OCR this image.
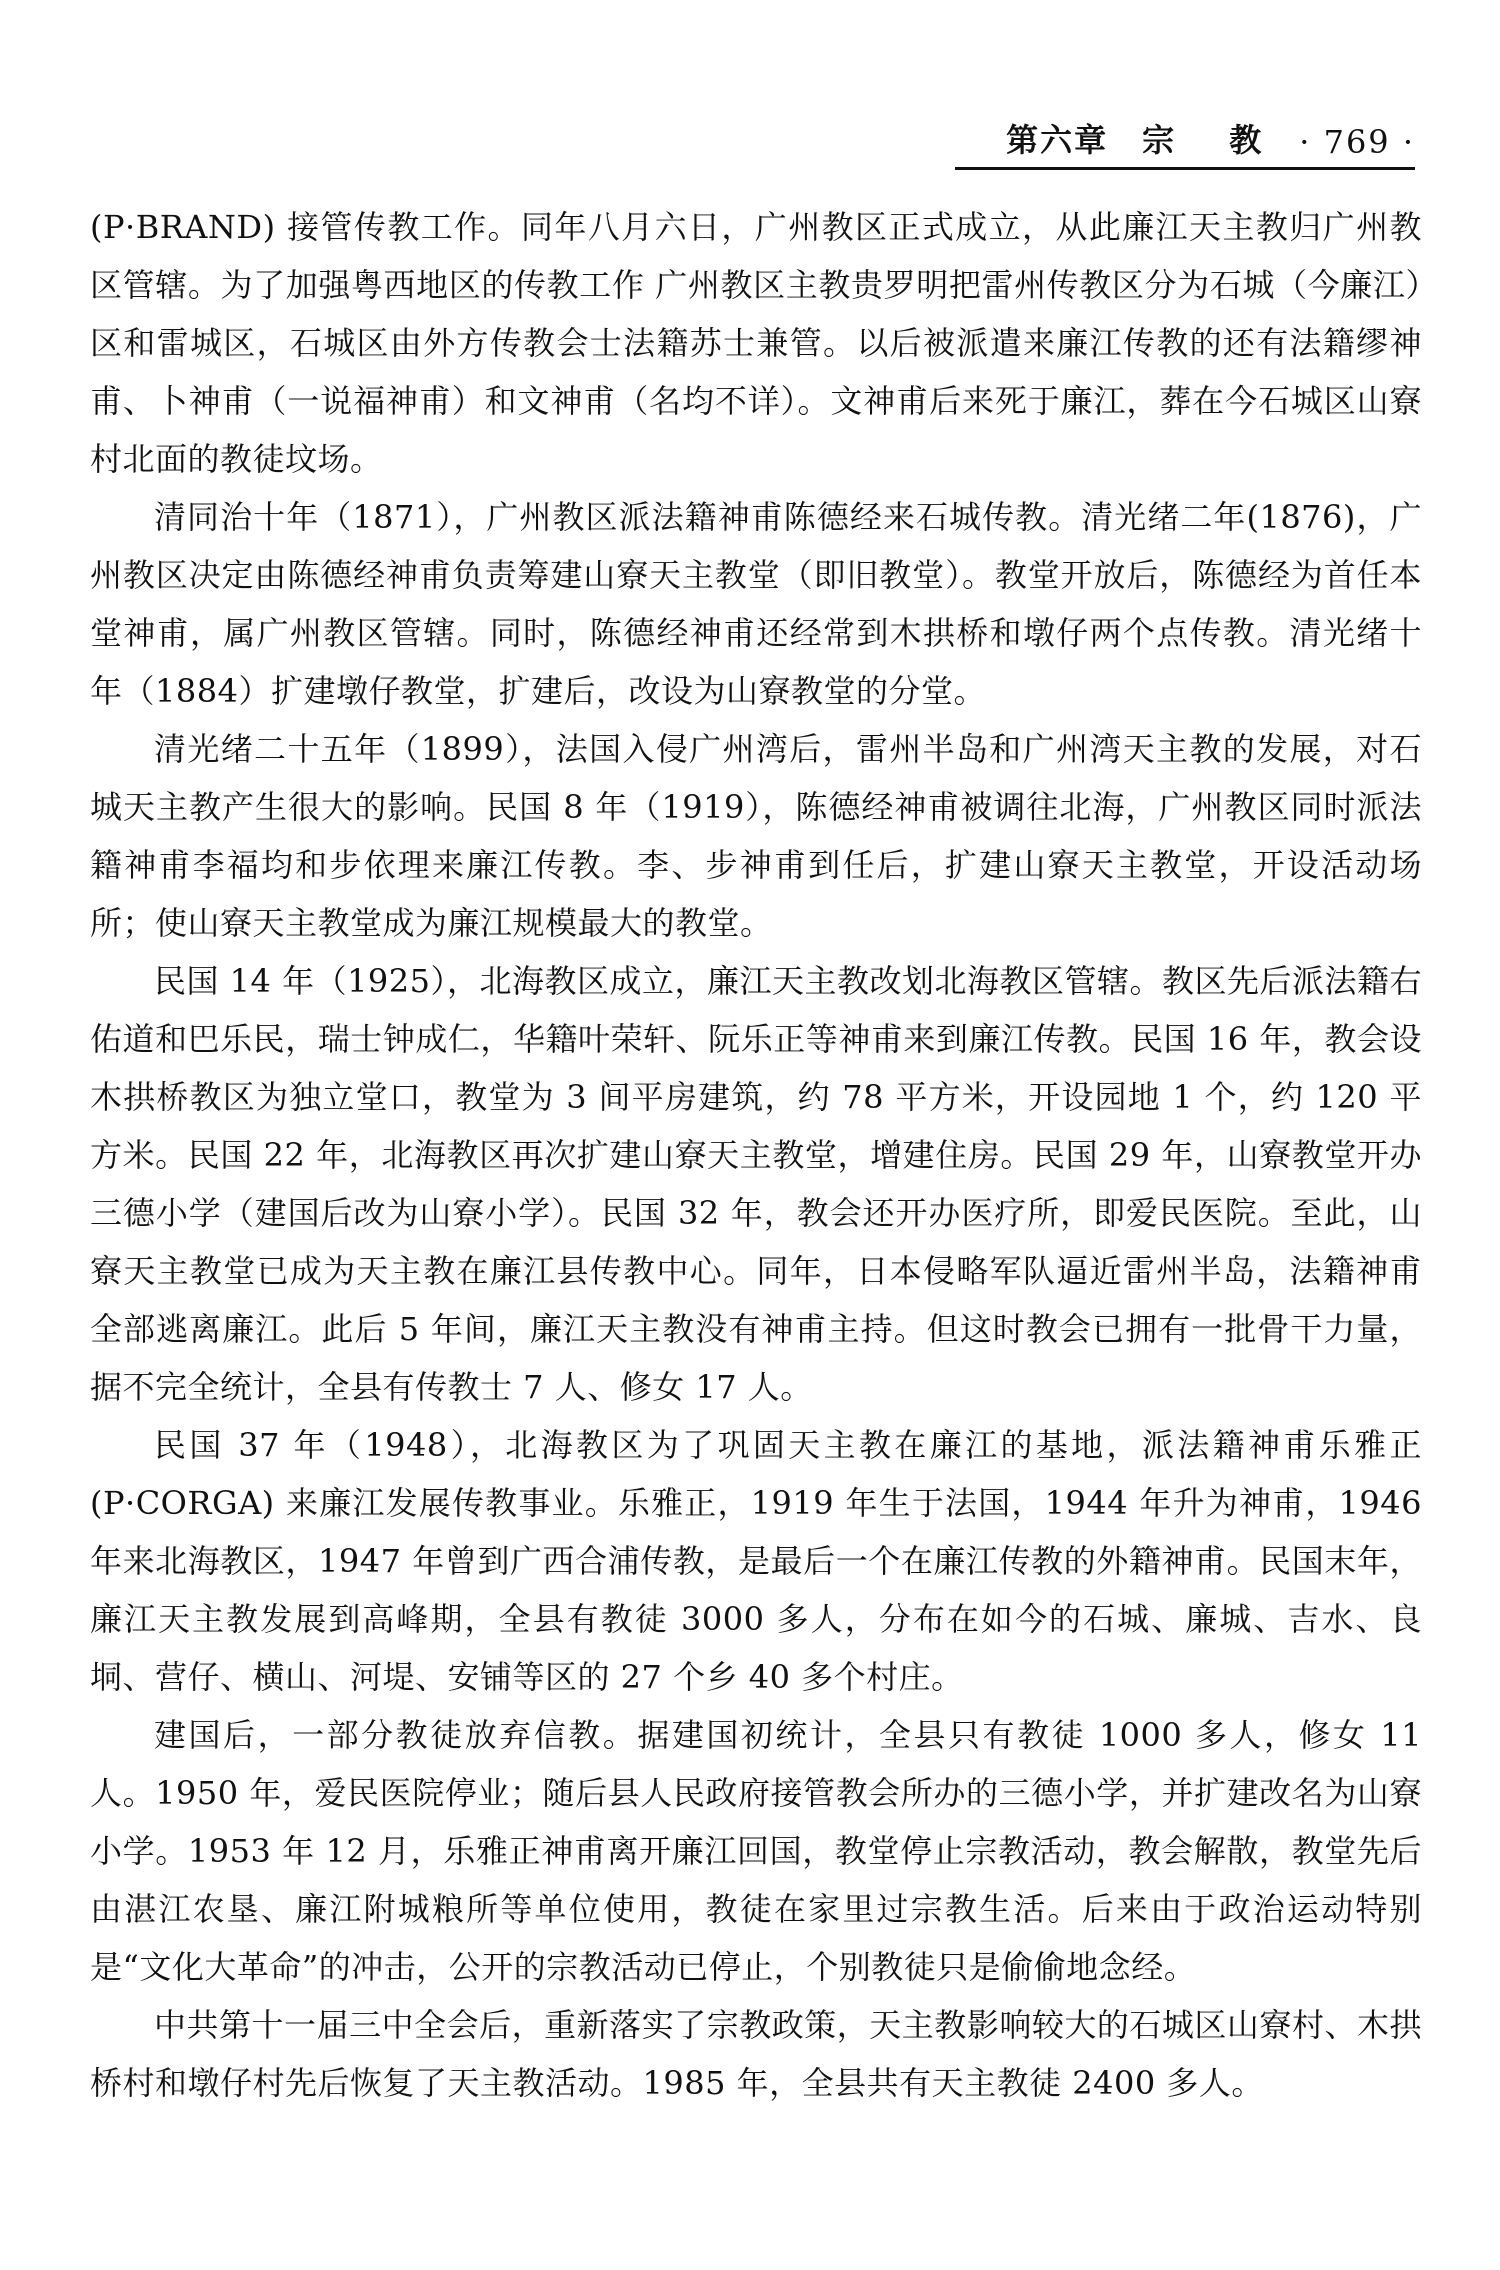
第六章 宗 教 · 769 ·

(P·BRAND) 接管传教工作。同年八月六日，广州教区正式成立，从此廉江天主教归广州教区管辖。为了加强粤西地区的传教工作 广州教区主教贵罗明把雷州传教区分为石城（今廉江）区和雷城区，石城区由外方传教会士法籍苏士兼管。以后被派遣来廉江传教的还有法籍缪神甫、卜神甫（一说福神甫）和文神甫（名均不详）。文神甫后来死于廉江，葬在今石城区山寮村北面的教徒坟场。

清同治十年（1871），广州教区派法籍神甫陈德经来石城传教。清光绪二年(1876)，广州教区决定由陈德经神甫负责筹建山寮天主教堂（即旧教堂）。教堂开放后，陈德经为首任本堂神甫，属广州教区管辖。同时，陈德经神甫还经常到木拱桥和墩仔两个点传教。清光绪十年（1884）扩建墩仔教堂，扩建后，改设为山寮教堂的分堂。

清光绪二十五年（1899），法国入侵广州湾后，雷州半岛和广州湾天主教的发展，对石城天主教产生很大的影响。民国 8 年（1919），陈德经神甫被调往北海，广州教区同时派法籍神甫李福均和步依理来廉江传教。李、步神甫到任后，扩建山寮天主教堂，开设活动场所；使山寮天主教堂成为廉江规模最大的教堂。

民国 14 年（1925），北海教区成立，廉江天主教改划北海教区管辖。教区先后派法籍右佑道和巴乐民，瑞士钟成仁，华籍叶荣轩、阮乐正等神甫来到廉江传教。民国 16 年，教会设木拱桥教区为独立堂口，教堂为 3 间平房建筑，约 78 平方米，开设园地 1 个，约 120 平方米。民国 22 年，北海教区再次扩建山寮天主教堂，增建住房。民国 29 年，山寮教堂开办三德小学（建国后改为山寮小学）。民国 32 年，教会还开办医疗所，即爱民医院。至此，山寮天主教堂已成为天主教在廉江县传教中心。同年，日本侵略军队逼近雷州半岛，法籍神甫全部逃离廉江。此后 5 年间，廉江天主教没有神甫主持。但这时教会已拥有一批骨干力量，据不完全统计，全县有传教士 7 人、修女 17 人。

民国 37 年（1948），北海教区为了巩固天主教在廉江的基地，派法籍神甫乐雅正(P·CORGA) 来廉江发展传教事业。乐雅正，1919 年生于法国，1944 年升为神甫，1946 年来北海教区，1947 年曾到广西合浦传教，是最后一个在廉江传教的外籍神甫。民国末年，廉江天主教发展到高峰期，全县有教徒 3000 多人，分布在如今的石城、廉城、吉水、良垌、营仔、横山、河堤、安铺等区的 27 个乡 40 多个村庄。

建国后，一部分教徒放弃信教。据建国初统计，全县只有教徒 1000 多人，修女 11 人。1950 年，爱民医院停业；随后县人民政府接管教会所办的三德小学，并扩建改名为山寮小学。1953 年 12 月，乐雅正神甫离开廉江回国，教堂停止宗教活动，教会解散，教堂先后由湛江农垦、廉江附城粮所等单位使用，教徒在家里过宗教生活。后来由于政治运动特别是“文化大革命”的冲击，公开的宗教活动已停止，个别教徒只是偷偷地念经。

中共第十一届三中全会后，重新落实了宗教政策，天主教影响较大的石城区山寮村、木拱桥村和墩仔村先后恢复了天主教活动。1985 年，全县共有天主教徒 2400 多人。
